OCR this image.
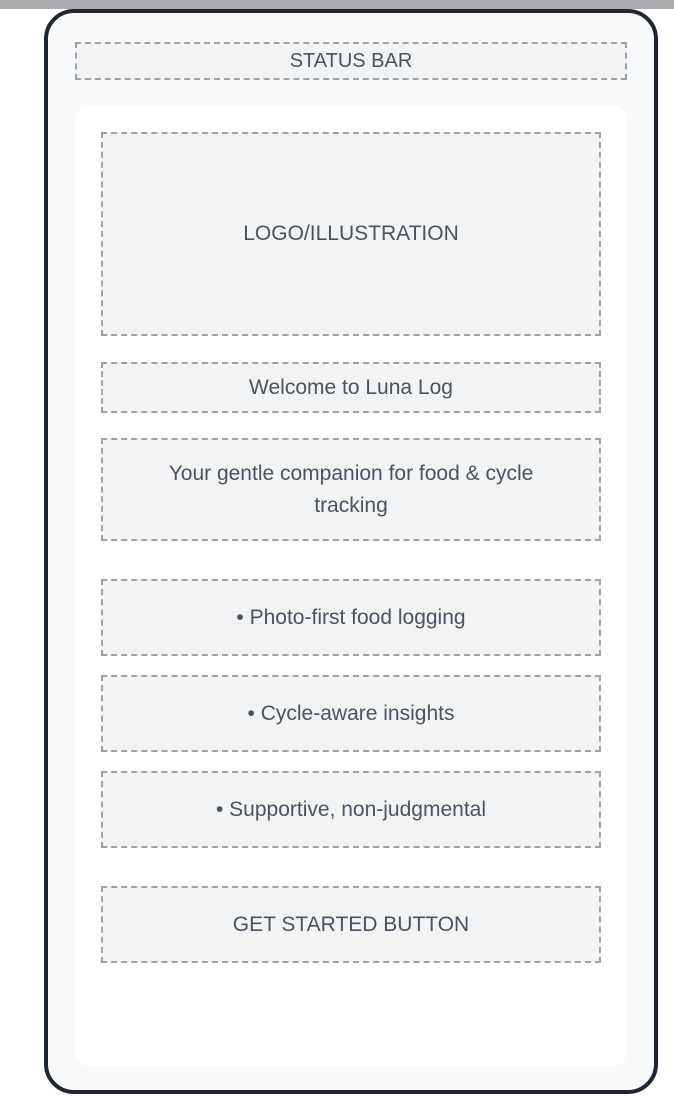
STATUS BAR
LOGO/ILLUSTRATION
Welcome to Luna Log
Your gentle companion for food & cycle tracking
• Photo-first food logging
• Cycle-aware insights
• Supportive, non-judgmental
GET STARTED BUTTON
